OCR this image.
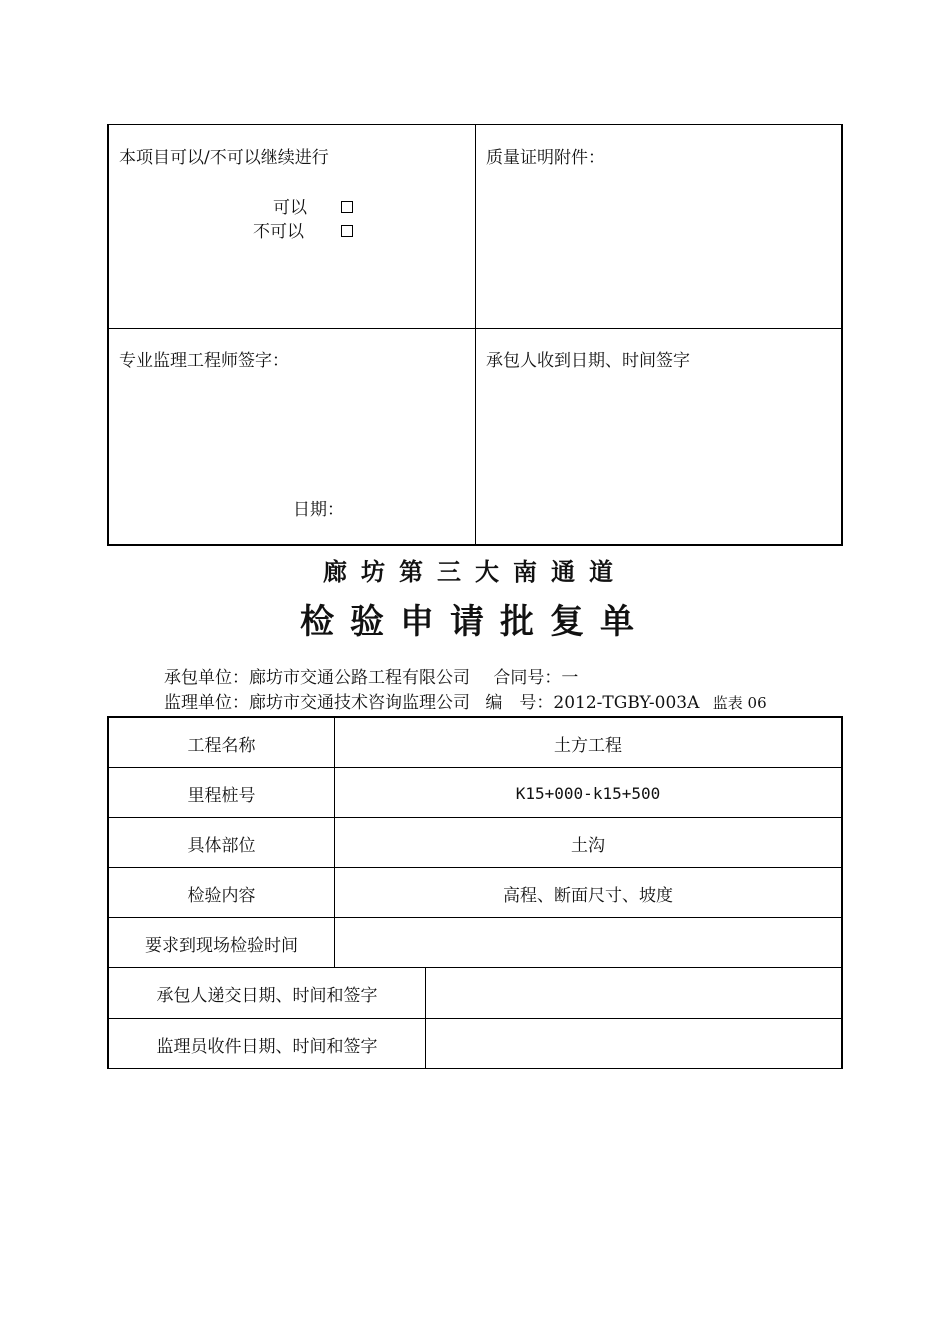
本项目可以/不可以继续进行
可以
不可以
质量证明附件：
专业监理工程师签字：	承包人收到日期、时间签字
日期：
廊坊第三大南通道
检验申请批复单
承包单位：廊坊市交通公路工程有限公司 合同号：一
监理单位：廊坊市交通技术咨询监理公司 编　号：2012-TGBY-003A 监表 06
工程名称	土方工程
里程桩号	K15+000-k15+500
具体部位	土沟
检验内容	高程、断面尺寸、坡度
要求到现场检验时间
承包人递交日期、时间和签字
监理员收件日期、时间和签字
